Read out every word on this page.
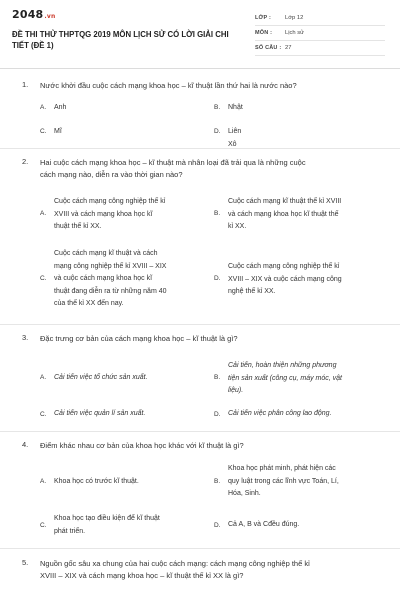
2048.vn
ĐỀ THI THỬ THPTQG 2019 MÔN LỊCH SỬ CÓ LỜI GIẢI CHI
TIẾT (ĐỀ 1)
LỚP : Lớp 12
MÔN : Lịch sử
SỐ CÂU : 27
1. Nước khởi đầu cuộc cách mạng khoa học – kĩ thuật lần thứ hai là nước nào?
A. Anh	B. Nhật
C. Mĩ	D. Liên Xô
2. Hai cuộc cách mạng khoa học – kĩ thuật mà nhân loại đã trải qua là những cuộc
cách mạng nào, diễn ra vào thời gian nào?
A.
Cuộc cách mạng công nghiệp thế kỉ
XVIII và cách mạng khoa học kĩ
thuật thế kỉ XX.
B.
Cuộc cách mạng kĩ thuật thế kỉ XVIII
và cách mạng khoa học kĩ thuật thế
kỉ XX.
C.
Cuộc cách mạng kĩ thuật và cách
mạng công nghiệp thế kỉ XVIII – XIX
và cuộc cách mạng khoa học kĩ
thuật đang diễn ra từ những năm 40
của thế kỉ XX đến nay.
D.
Cuộc cách mạng công nghiệp thế kỉ
XVIII – XIX và cuộc cách mạng công
nghệ thế kỉ XX.
3. Đặc trưng cơ bản của cách mạng khoa học – kĩ thuật là gì?
A. Cải tiến việc tổ chức sản xuất.	B.
Cải tiến, hoàn thiện những phương
tiện sản xuất (công cụ, máy móc, vật
liệu).
C. Cải tiến việc quản lí sản xuất.	D. Cải tiến việc phân công lao động.
4. Điểm khác nhau cơ bản của khoa học khác với kĩ thuật là gì?
A. Khoa học có trước kĩ thuật.	B.
Khoa học phát minh, phát hiện các
quy luật trong các lĩnh vực Toán, Lí,
Hóa, Sinh.
C.
Khoa học tạo điều kiện để kĩ thuật
phát triển.
D. Cả A, B và Cđều đúng.
5. Nguồn gốc sâu xa chung của hai cuộc cách mạng: cách mạng công nghiệp thế kỉ
XVIII – XIX và cách mạng khoa học – kĩ thuật thế kỉ XX là gì?
